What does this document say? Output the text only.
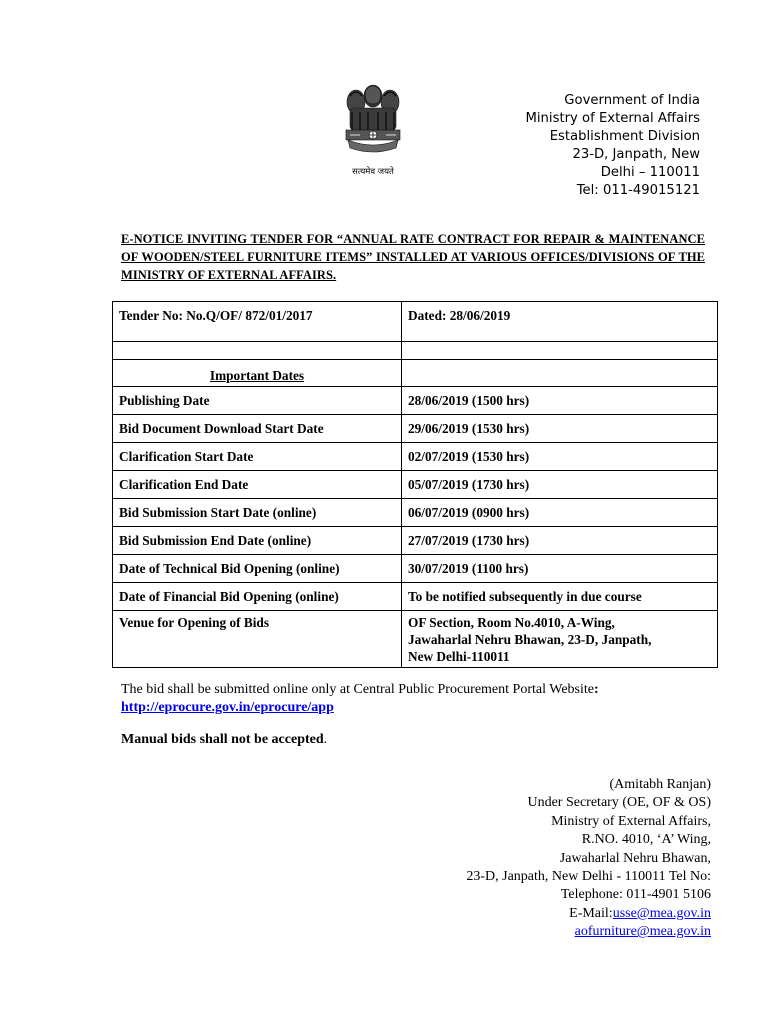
सत्यमेव जयते
Government of India
Ministry of External Affairs
Establishment Division
23-D, Janpath, New
Delhi – 110011
Tel: 011-49015121
E-NOTICE INVITING TENDER FOR “ANNUAL RATE CONTRACT FOR REPAIR & MAINTENANCE OF WOODEN/STEEL FURNITURE ITEMS” INSTALLED AT VARIOUS OFFICES/DIVISIONS OF THE MINISTRY OF EXTERNAL AFFAIRS.
Tender No: No.Q/OF/ 872/01/2017	Dated: 28/06/2019

Important Dates	
Publishing Date	28/06/2019 (1500 hrs)
Bid Document Download Start Date	29/06/2019 (1530 hrs)
Clarification Start Date	02/07/2019 (1530 hrs)
Clarification End Date	05/07/2019 (1730 hrs)
Bid Submission Start Date (online)	06/07/2019 (0900 hrs)
Bid Submission End Date (online)	27/07/2019 (1730 hrs)
Date of Technical Bid Opening (online)	30/07/2019 (1100 hrs)
Date of Financial Bid Opening (online)	To be notified subsequently in due course
Venue for Opening of Bids	OF Section, Room No.4010, A-Wing,
Jawaharlal Nehru Bhawan, 23-D, Janpath,
New Delhi-110011
The bid shall be submitted online only at Central Public Procurement Portal Website:
http://eprocure.gov.in/eprocure/app
Manual bids shall not be accepted.
(Amitabh Ranjan)
Under Secretary (OE, OF & OS)
Ministry of External Affairs,
R.NO. 4010, ‘A’ Wing,
Jawaharlal Nehru Bhawan,
23-D, Janpath, New Delhi - 110011 Tel No:
Telephone: 011-4901 5106
E-Mail:usse@mea.gov.in
aofurniture@mea.gov.in
